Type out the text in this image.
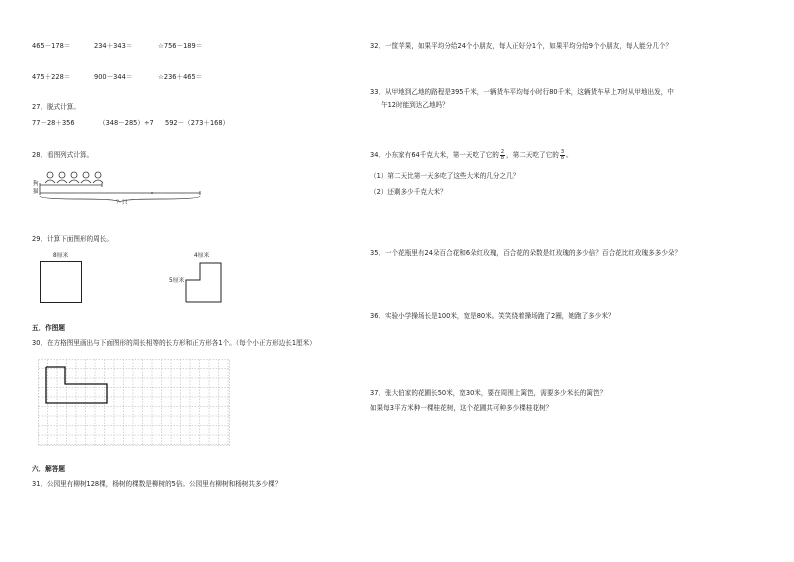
465－178＝	234＋343＝	☆756－189＝
475＋228＝	900－344＝	☆236＋465＝
27．脱式计算。
77－28＋356	（348－285）÷7 592－（273＋168）
28．看图列式计算。
狗
猫
？只
29．计算下面图形的周长。
8厘米	4厘米
5厘米
五．作图题
30．在方格图里画出与下面图形的周长相等的长方形和正方形各1个。（每个小正方形边长1厘米）
六．解答题
31．公园里有柳树128棵，杨树的棵数是柳树的5倍。公园里有柳树和杨树共多少棵？
32．一筐苹果，如果平均分给24个小朋友，每人正好分1个，如果平均分给9个小朋友，每人能分几个？
33．从甲地到乙地的路程是395千米，一辆货车平均每小时行80千米，这辆货车早上7时从甲地出发，中
午12时能到达乙地吗？
34．小东家有64千克大米，第一天吃了它的 $\frac{2}{8}$ ，第二天吃了它的 $\frac{3}{8}$ 。
（1）第二天比第一天多吃了这些大米的几分之几？
（2）还剩多少千克大米？
35．一个花瓶里有24朵百合花和6朵红玫瑰，百合花的朵数是红玫瑰的多少倍？百合花比红玫瑰多多少朵？
36．实验小学操场长是100米，宽是80米。笑笑绕着操场跑了2圈，她跑了多少米？
37．张大伯家的花圃长50米，宽30米，要在周围上篱笆，需要多少米长的篱笆？
如果每3平方米种一棵桂花树，这个花圃共可种多少棵桂花树？
